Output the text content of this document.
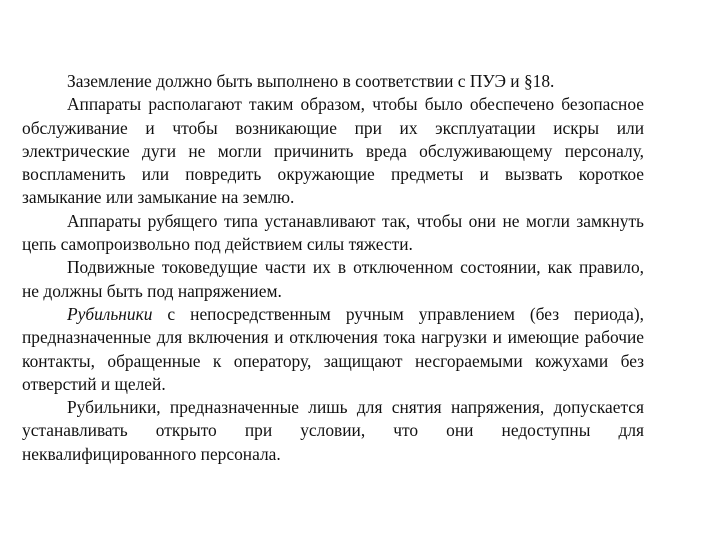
Заземление должно быть выполнено в соответствии с ПУЭ и §18.

Аппараты располагают таким образом, чтобы было обеспечено безопасное обслуживание и чтобы возникающие при их эксплуатации искры или электрические дуги не могли причинить вреда обслуживающему персоналу, воспламенить или повредить окружающие предметы и вызвать короткое замыкание или замыкание на землю.

Аппараты рубящего типа устанавливают так, чтобы они не могли замкнуть цепь самопроизвольно под действием силы тяжести.

Подвижные токоведущие части их в отключенном состоянии, как правило, не должны быть под напряжением.

Рубильники с непосредственным ручным управлением (без периода), предназначенные для включения и отключения тока нагрузки и имеющие рабочие контакты, обращенные к оператору, защищают несгораемыми кожухами без отверстий и щелей.

Рубильники, предназначенные лишь для снятия напряжения, допускается устанавливать открыто при условии, что они недоступны для неквалифицированного персонала.
